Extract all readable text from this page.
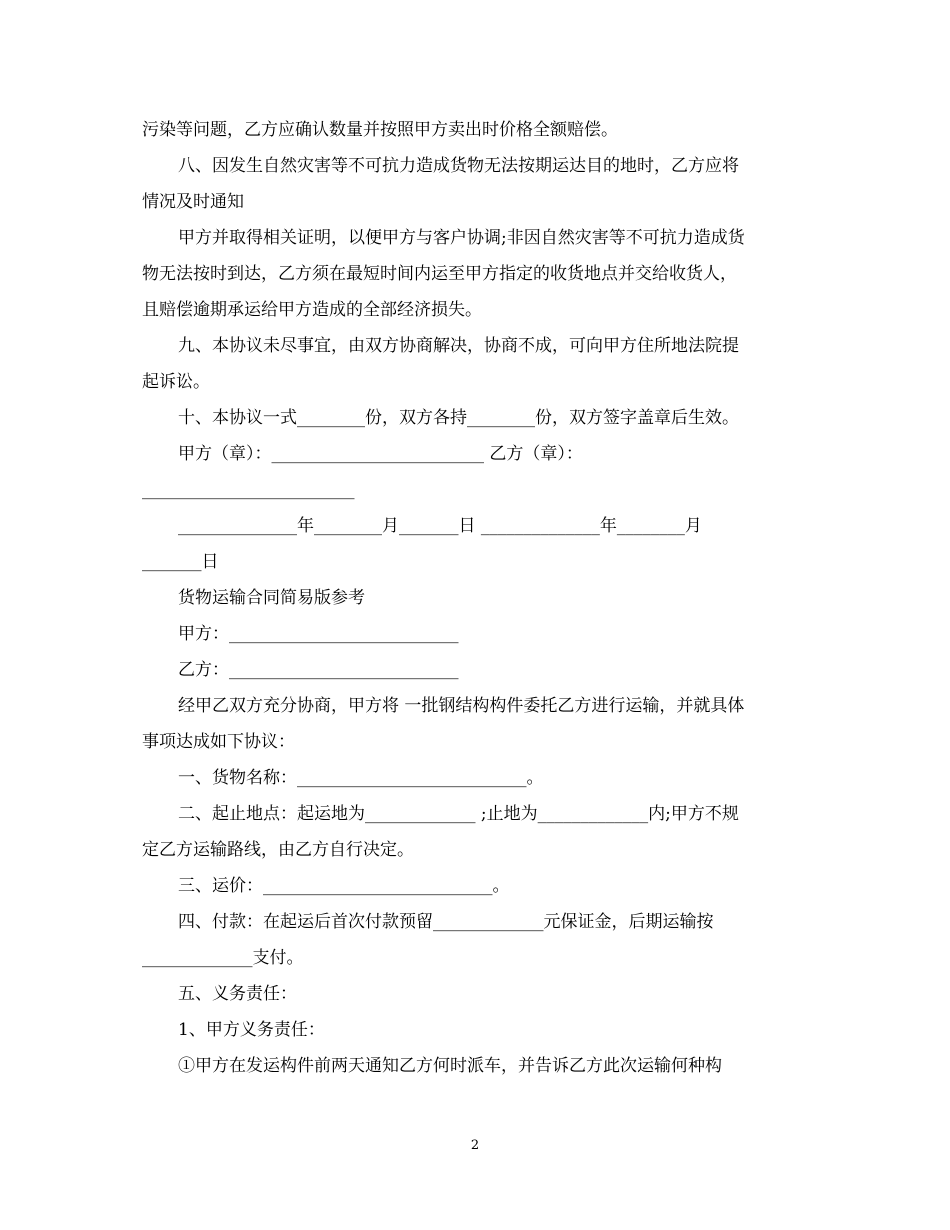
污染等问题，乙方应确认数量并按照甲方卖出时价格全额赔偿。
八、因发生自然灾害等不可抗力造成货物无法按期运达目的地时，乙方应将
情况及时通知
甲方并取得相关证明，以便甲方与客户协调;非因自然灾害等不可抗力造成货
物无法按时到达，乙方须在最短时间内运至甲方指定的收货地点并交给收货人，
且赔偿逾期承运给甲方造成的全部经济损失。
九、本协议未尽事宜，由双方协商解决，协商不成，可向甲方住所地法院提
起诉讼。
十、本协议一式________份，双方各持________份，双方签字盖章后生效。
甲方（章）：_________________________ 乙方（章）：
_________________________
______________年________月_______日 ______________年________月
_______日
货物运输合同简易版参考
甲方：___________________________
乙方：___________________________
经甲乙双方充分协商，甲方将 一批钢结构构件委托乙方进行运输，并就具体
事项达成如下协议：
一、货物名称：___________________________。
二、起止地点：起运地为_____________ ;止地为_____________内;甲方不规
定乙方运输路线，由乙方自行决定。
三、运价：___________________________。
四、付款：在起运后首次付款预留_____________元保证金，后期运输按
_____________支付。
五、义务责任：
1、甲方义务责任：
①甲方在发运构件前两天通知乙方何时派车，并告诉乙方此次运输何种构
2
